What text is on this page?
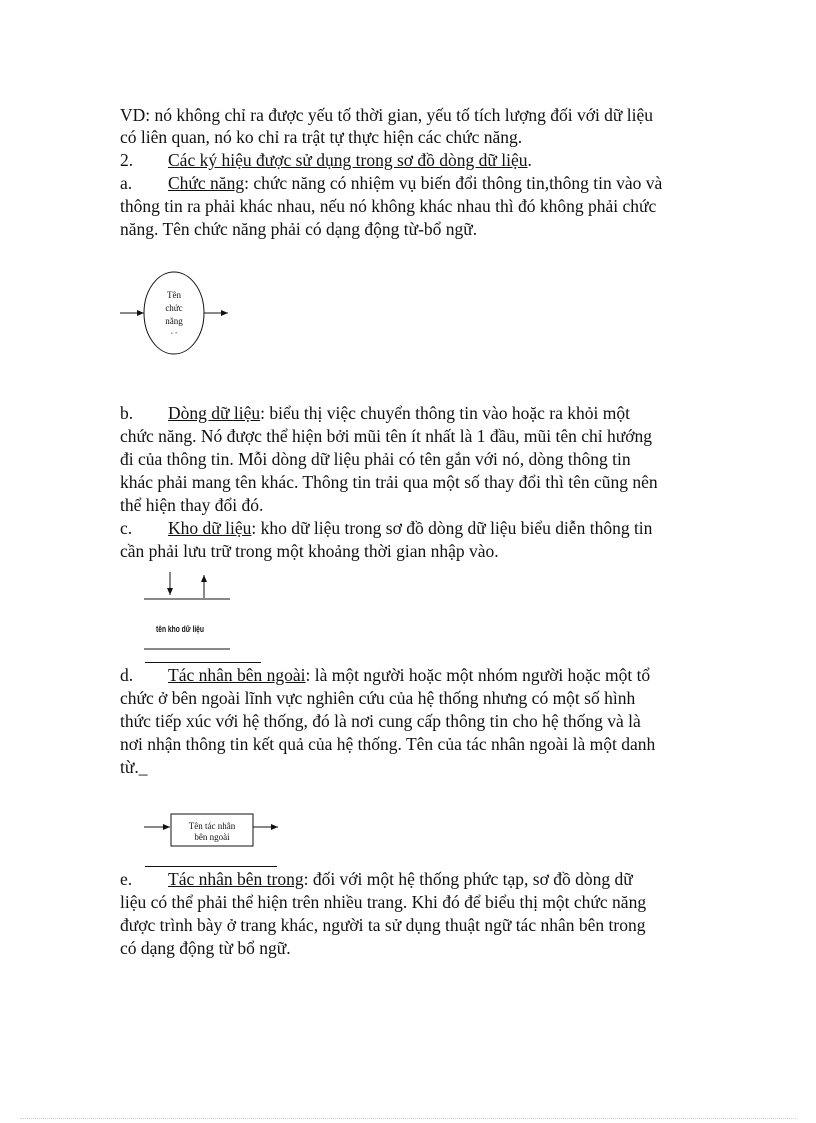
VD: nó không chỉ ra được yếu tố thời gian, yếu tố tích lượng đối với dữ liệu
có liên quan, nó ko chỉ ra trật tự thực hiện các chức năng.
2. Các ký hiệu được sử dụng trong sơ đồ dòng dữ liệu.
a. Chức năng: chức năng có nhiệm vụ biến đổi thông tin,thông tin vào và
thông tin ra phải khác nhau, nếu nó không khác nhau thì đó không phải chức
năng. Tên chức năng phải có dạng động từ-bổ ngữ.
Tên
chức
năng
‘ ’
b. Dòng dữ liệu: biểu thị việc chuyển thông tin vào hoặc ra khỏi một
chức năng. Nó được thể hiện bởi mũi tên ít nhất là 1 đầu, mũi tên chỉ hướng
đi của thông tin. Mỗi dòng dữ liệu phải có tên gắn với nó, dòng thông tin
khác phải mang tên khác. Thông tin trải qua một số thay đổi thì tên cũng nên
thể hiện thay đổi đó.
c. Kho dữ liệu: kho dữ liệu trong sơ đồ dòng dữ liệu biểu diễn thông tin
cần phải lưu trữ trong một khoảng thời gian nhập vào.
tên kho dữ liệu
d. Tác nhân bên ngoài: là một người hoặc một nhóm người hoặc một tổ
chức ở bên ngoài lĩnh vực nghiên cứu của hệ thống nhưng có một số hình
thức tiếp xúc với hệ thống, đó là nơi cung cấp thông tin cho hệ thống và là
nơi nhận thông tin kết quả của hệ thống. Tên của tác nhân ngoài là một danh
từ._
Tên tác nhân
bên ngoài
e. Tác nhân bên trong: đối với một hệ thống phức tạp, sơ đồ dòng dữ
liệu có thể phải thể hiện trên nhiều trang. Khi đó để biểu thị một chức năng
được trình bày ở trang khác, người ta sử dụng thuật ngữ tác nhân bên trong
có dạng động từ bổ ngữ.
